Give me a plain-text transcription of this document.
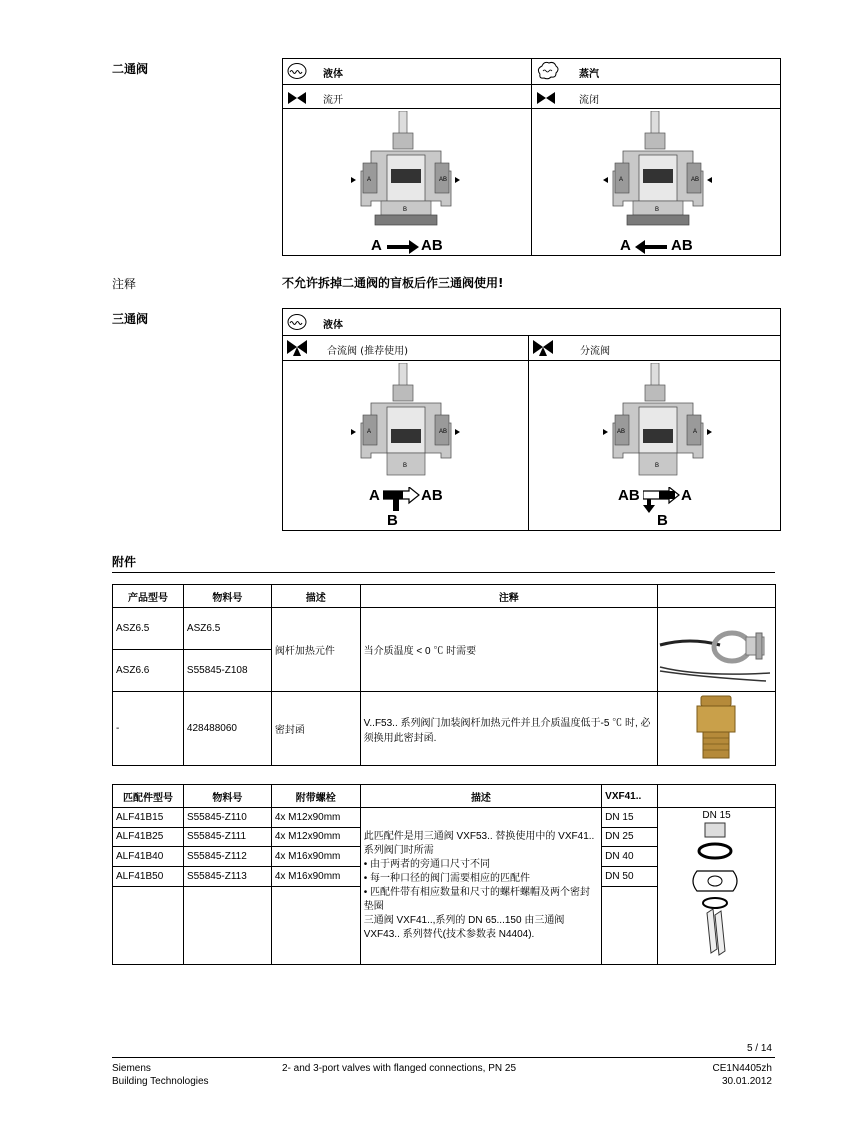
二通阀	液体
流开
蒸汽
流闭
A	AB
B
A	AB
A	AB
B
A	AB
注释	不允许拆掉二通阀的盲板后作三通阀使用!
三通阀	液体
合流阀 (推荐使用)	分流阀
A	AB
B
A	AB
B
AB	A
B
AB	A
B
附件
产品型号	物料号	描述	注释	
ASZ6.5	ASZ6.5	阀杆加热元件	当介质温度 < 0 ℃ 时需要	
ASZ6.6	S55845-Z108			
-	428488060	密封函	V..F53.. 系列阀门加装阀杆加热元件并且介质温度低于-5 ℃ 时, 必须换用此密封函.	
匹配件型号	物料号	附带螺栓	描述	VXF41..	
ALF41B15	S55845-Z110	4x M12x90mm	此匹配件是用三通阀 VXF53.. 替换使用中的 VXF41.. 系列阀门时所需
• 由于两者的旁通口尺寸不同
• 每一种口径的阀门需要相应的匹配件
• 匹配件带有相应数量和尺寸的螺杆螺帽及两个密封垫圈
三通阀 VXF41..,系列的 DN 65...150 由三通阀 VXF43.. 系列替代(技术参数表 N4404).	DN 15	DN 15

ALF41B25	S55845-Z111	4x M12x90mm		DN 25	
ALF41B40	S55845-Z112	4x M16x90mm		DN 40	
ALF41B50	S55845-Z113	4x M16x90mm		DN 50	

5 / 14
Siemens
Building Technologies
2- and 3-port valves with flanged connections, PN 25	CE1N4405zh
30.01.2012
